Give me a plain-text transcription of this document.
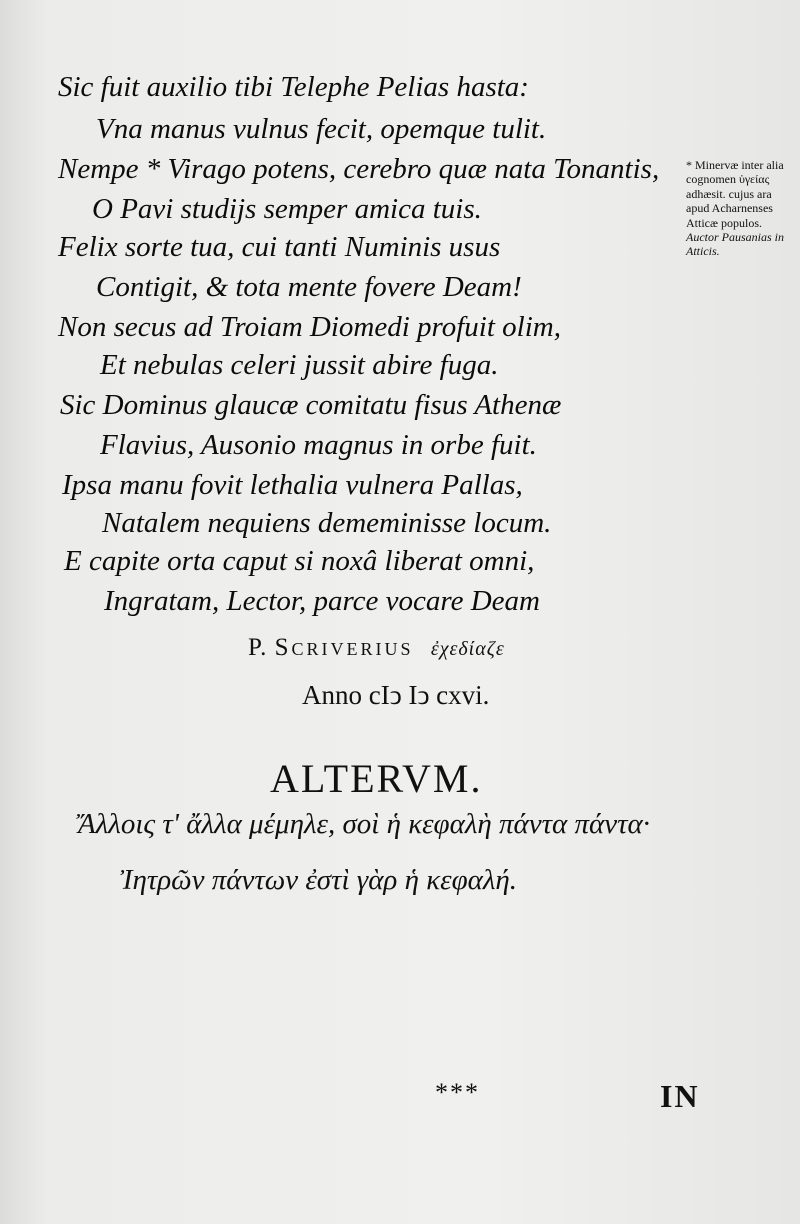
Sic fuit auxilio tibi Telephe Pelias hasta:
Vna manus vulnus fecit, opemque tulit.
Nempe * Virago potens, cerebro quæ nata Tonantis,
O Pavi studijs semper amica tuis.
Felix sorte tua, cui tanti Numinis usus
Contigit, & tota mente fovere Deam!
Non secus ad Troiam Diomedi profuit olim,
Et nebulas celeri jussit abire fuga.
Sic Dominus glaucæ comitatu fisus Athenæ
Flavius, Ausonio magnus in orbe fuit.
Ipsa manu fovit lethalia vulnera Pallas,
Natalem nequiens dememinisse locum.
E capite orta caput si noxâ liberat omni,
Ingratam, Lector, parce vocare Deam
* Minervæ inter alia cognomen ὑγείας adhæsit. cujus ara apud Acharnenses Atticæ populos. Auctor Pausanias in Atticis.
P. Scriverius ἐχεδίαζε
Anno cIↄ Iↄ cxvi.
ALTERVM.
Ἄλλοις τ' ἄλλα μέμηλε, σοὶ ἡ κεφαλὴ πάντα πάντα·
Ἰητρῶν πάντων ἐστὶ γὰρ ἡ κεφαλή.
***	IN
